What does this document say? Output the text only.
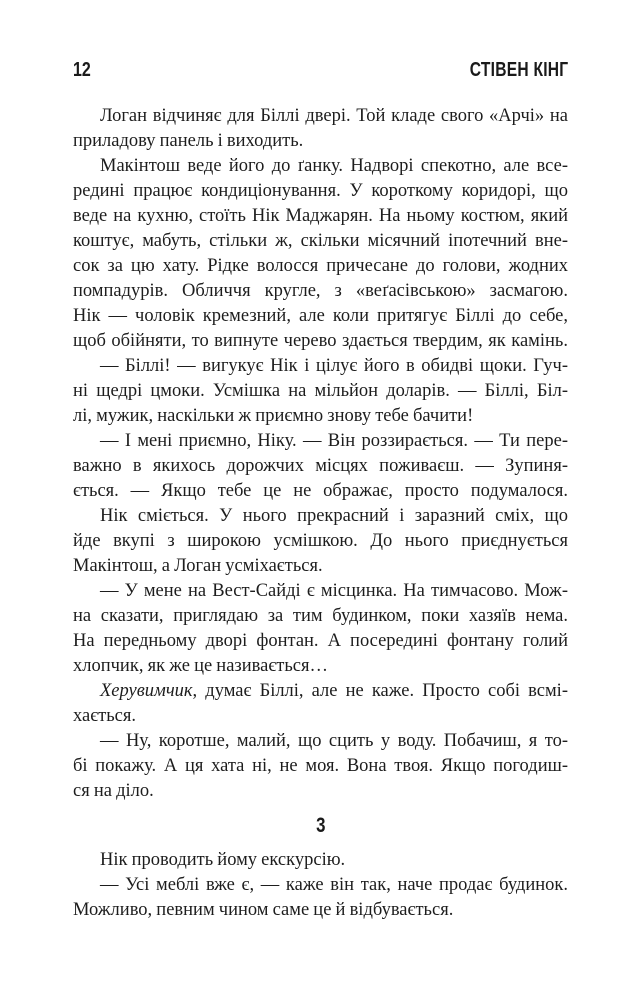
12	СТІВЕН КІНГ
Логан відчиняє для Біллі двері. Той кладе свого «Арчі» на
приладову панель і виходить.
Макінтош веде його до ґанку. Надворі спекотно, але все-
редині працює кондиціонування. У короткому коридорі, що
веде на кухню, стоїть Нік Маджарян. На ньому костюм, який
коштує, мабуть, стільки ж, скільки місячний іпотечний вне-
сок за цю хату. Рідке волосся причесане до голови, жодних
помпадурів. Обличчя кругле, з «веґасівською» засмагою.
Нік — чоловік кремезний, але коли притягує Біллі до себе,
щоб обійняти, то випнуте черево здається твердим, як камінь.
— Біллі! — вигукує Нік і цілує його в обидві щоки. Гуч-
ні щедрі цмоки. Усмішка на мільйон доларів. — Біллі, Біл-
лі, мужик, наскільки ж приємно знову тебе бачити!
— І мені приємно, Ніку. — Він роззирається. — Ти пере-
важно в якихось дорожчих місцях поживаєш. — Зупиня-
ється. — Якщо тебе це не ображає, просто подумалося.
Нік сміється. У нього прекрасний і заразний сміх, що
йде вкупі з широкою усмішкою. До нього приєднується
Макінтош, а Логан усміхається.
— У мене на Вест-Сайді є місцинка. На тимчасово. Мож-
на сказати, приглядаю за тим будинком, поки хазяїв нема.
На передньому дворі фонтан. А посередині фонтану голий
хлопчик, як же це називається…
Херувимчик, думає Біллі, але не каже. Просто собі всмі-
хається.
— Ну, коротше, малий, що сцить у воду. Побачиш, я то-
бі покажу. А ця хата ні, не моя. Вона твоя. Якщо погодиш-
ся на діло.
3
Нік проводить йому екскурсію.
— Усі меблі вже є, — каже він так, наче продає будинок.
Можливо, певним чином саме це й відбувається.
